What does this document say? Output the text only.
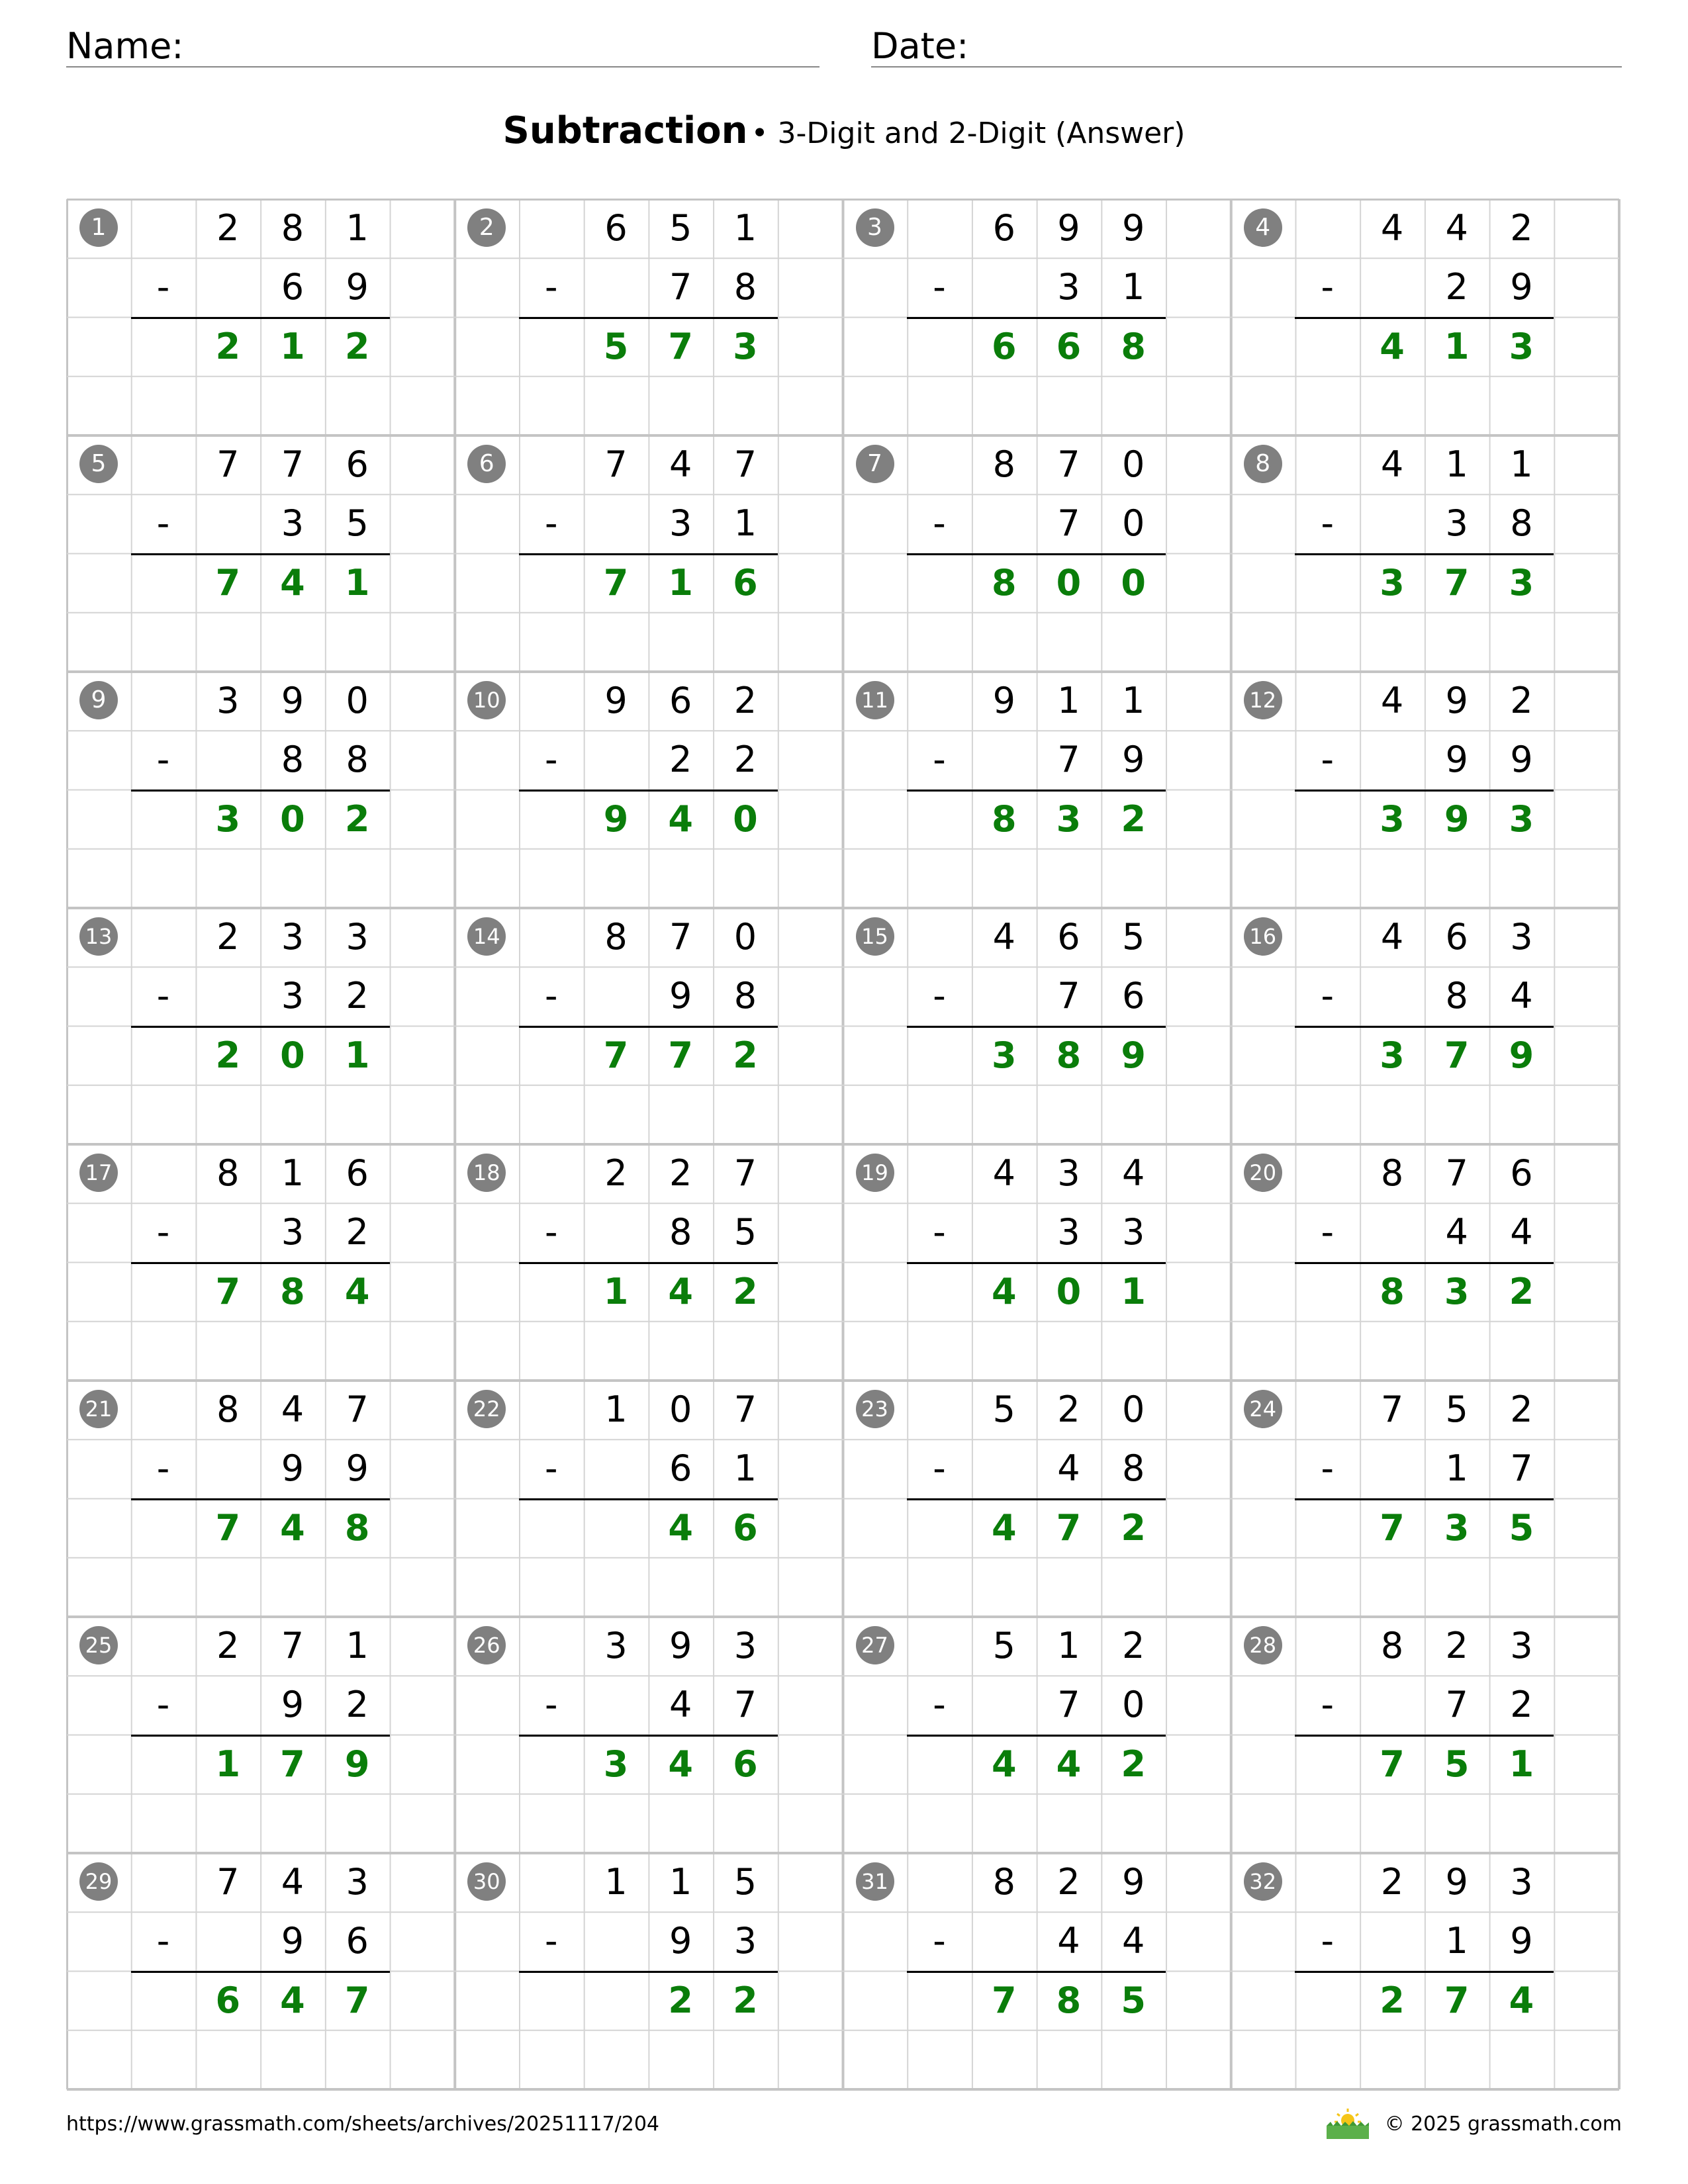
Name:	Date:
Subtraction • 3-Digit and 2-Digit (Answer)
1	2	8	1
-	6	9
2	1	2
2	6	5	1
-	7	8
5	7	3
3	6	9	9
-	3	1
6	6	8
4	4	4	2
-	2	9
4	1	3
5	7	7	6
-	3	5
7	4	1
6	7	4	7
-	3	1
7	1	6
7	8	7	0
-	7	0
8	0	0
8	4	1	1
-	3	8
3	7	3
9	3	9	0
-	8	8
3	0	2
10	9	6	2
-	2	2
9	4	0
11	9	1	1
-	7	9
8	3	2
12	4	9	2
-	9	9
3	9	3
13	2	3	3
-	3	2
2	0	1
14	8	7	0
-	9	8
7	7	2
15	4	6	5
-	7	6
3	8	9
16	4	6	3
-	8	4
3	7	9
17	8	1	6
-	3	2
7	8	4
18	2	2	7
-	8	5
1	4	2
19	4	3	4
-	3	3
4	0	1
20	8	7	6
-	4	4
8	3	2
21	8	4	7
-	9	9
7	4	8
22	1	0	7
-	6	1
4	6
23	5	2	0
-	4	8
4	7	2
24	7	5	2
-	1	7
7	3	5
25	2	7	1
-	9	2
1	7	9
26	3	9	3
-	4	7
3	4	6
27	5	1	2
-	7	0
4	4	2
28	8	2	3
-	7	2
7	5	1
29	7	4	3
-	9	6
6	4	7
30	1	1	5
-	9	3
2	2
31	8	2	9
-	4	4
7	8	5
32	2	9	3
-	1	9
2	7	4
https://www.grassmath.com/sheets/archives/20251117/204	© 2025 grassmath.com
